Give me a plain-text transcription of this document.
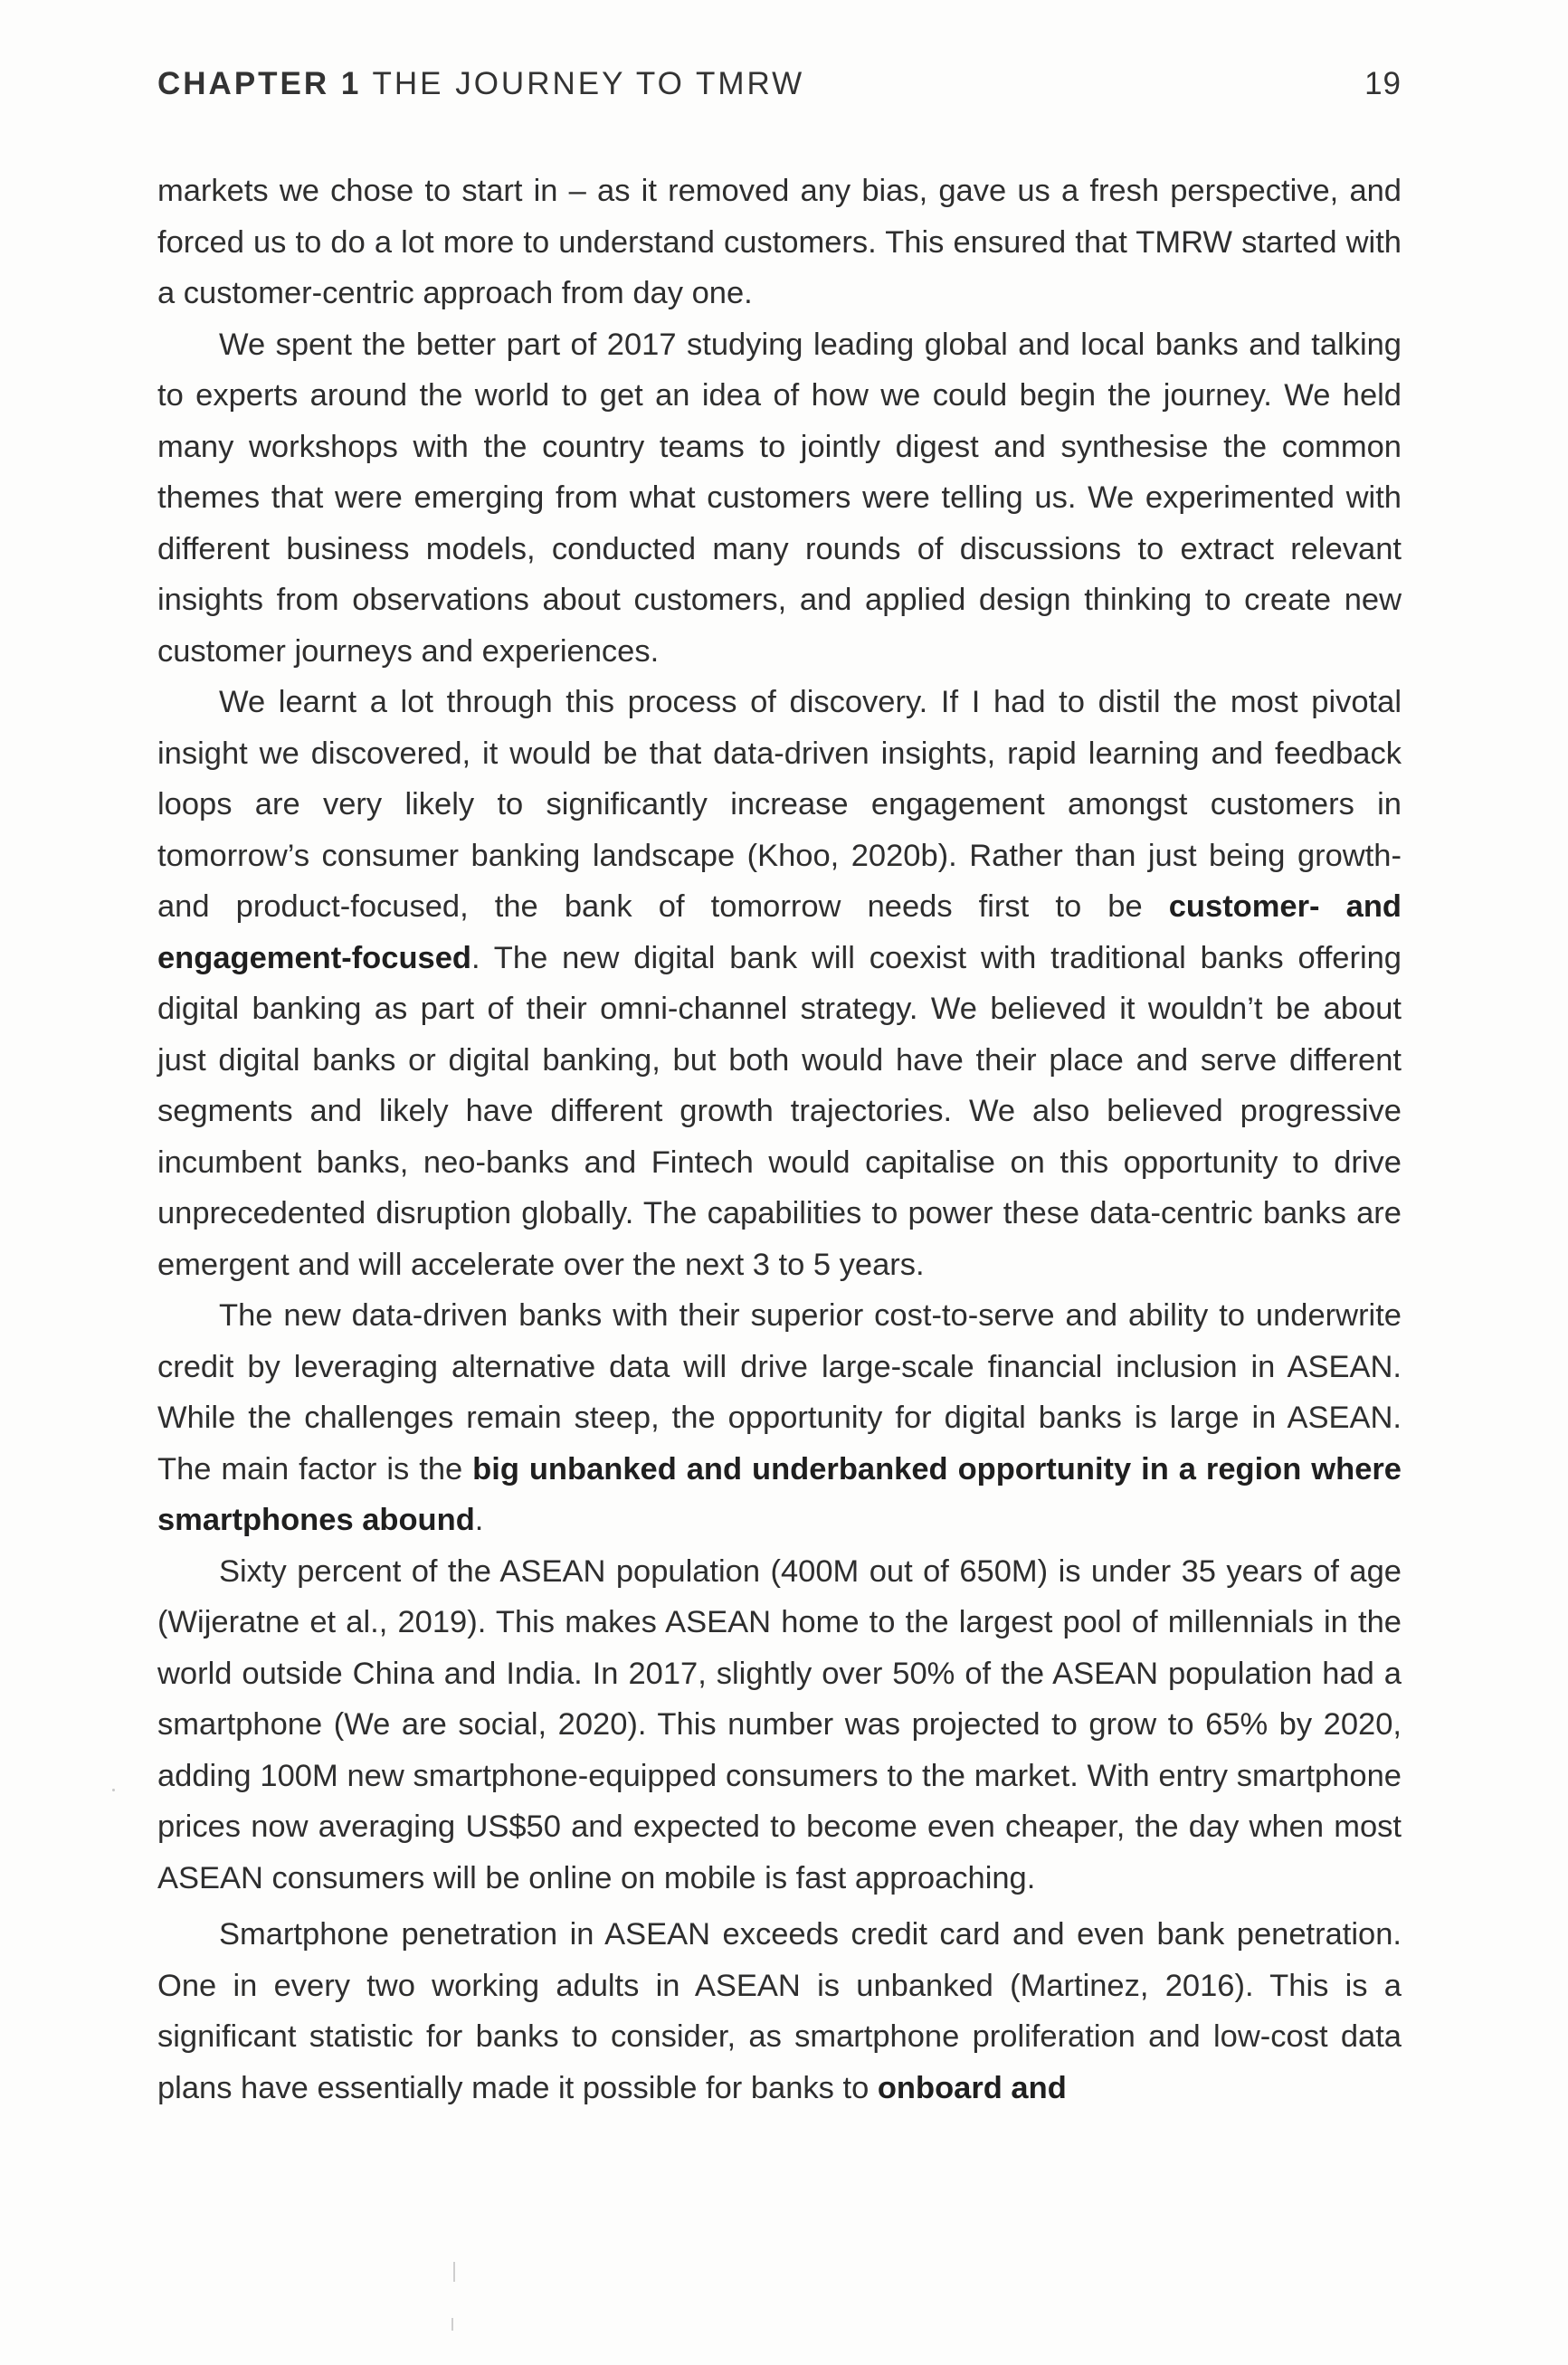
CHAPTER 1 THE JOURNEY TO TMRW	19

markets we chose to start in – as it removed any bias, gave us a fresh perspective, and forced us to do a lot more to understand customers. This ensured that TMRW started with a customer-centric approach from day one.

We spent the better part of 2017 studying leading global and local banks and talking to experts around the world to get an idea of how we could begin the journey. We held many workshops with the country teams to jointly digest and synthesise the common themes that were emerging from what customers were telling us. We experimented with different business models, conducted many rounds of discussions to extract relevant insights from observations about customers, and applied design thinking to create new customer journeys and experiences.

We learnt a lot through this process of discovery. If I had to distil the most pivotal insight we discovered, it would be that data-driven insights, rapid learning and feedback loops are very likely to significantly increase engagement amongst customers in tomorrow’s consumer banking landscape (Khoo, 2020b). Rather than just being growth- and product-focused, the bank of tomorrow needs first to be customer- and engagement-focused. The new digital bank will coexist with traditional banks offering digital banking as part of their omni-channel strategy. We believed it wouldn’t be about just digital banks or digital banking, but both would have their place and serve different segments and likely have different growth trajectories. We also believed progressive incumbent banks, neo-banks and Fintech would capitalise on this opportunity to drive unprecedented disruption globally. The capabilities to power these data-centric banks are emergent and will accelerate over the next 3 to 5 years.

The new data-driven banks with their superior cost-to-serve and ability to underwrite credit by leveraging alternative data will drive large-scale financial inclusion in ASEAN. While the challenges remain steep, the opportunity for digital banks is large in ASEAN. The main factor is the big unbanked and underbanked opportunity in a region where smartphones abound.

Sixty percent of the ASEAN population (400M out of 650M) is under 35 years of age (Wijeratne et al., 2019). This makes ASEAN home to the largest pool of millennials in the world outside China and India. In 2017, slightly over 50% of the ASEAN population had a smartphone (We are social, 2020). This number was projected to grow to 65% by 2020, adding 100M new smartphone-equipped consumers to the market. With entry smartphone prices now averaging US$50 and expected to become even cheaper, the day when most ASEAN consumers will be online on mobile is fast approaching.

Smartphone penetration in ASEAN exceeds credit card and even bank penetration. One in every two working adults in ASEAN is unbanked (Martinez, 2016). This is a significant statistic for banks to consider, as smartphone proliferation and low-cost data plans have essentially made it possible for banks to onboard and
